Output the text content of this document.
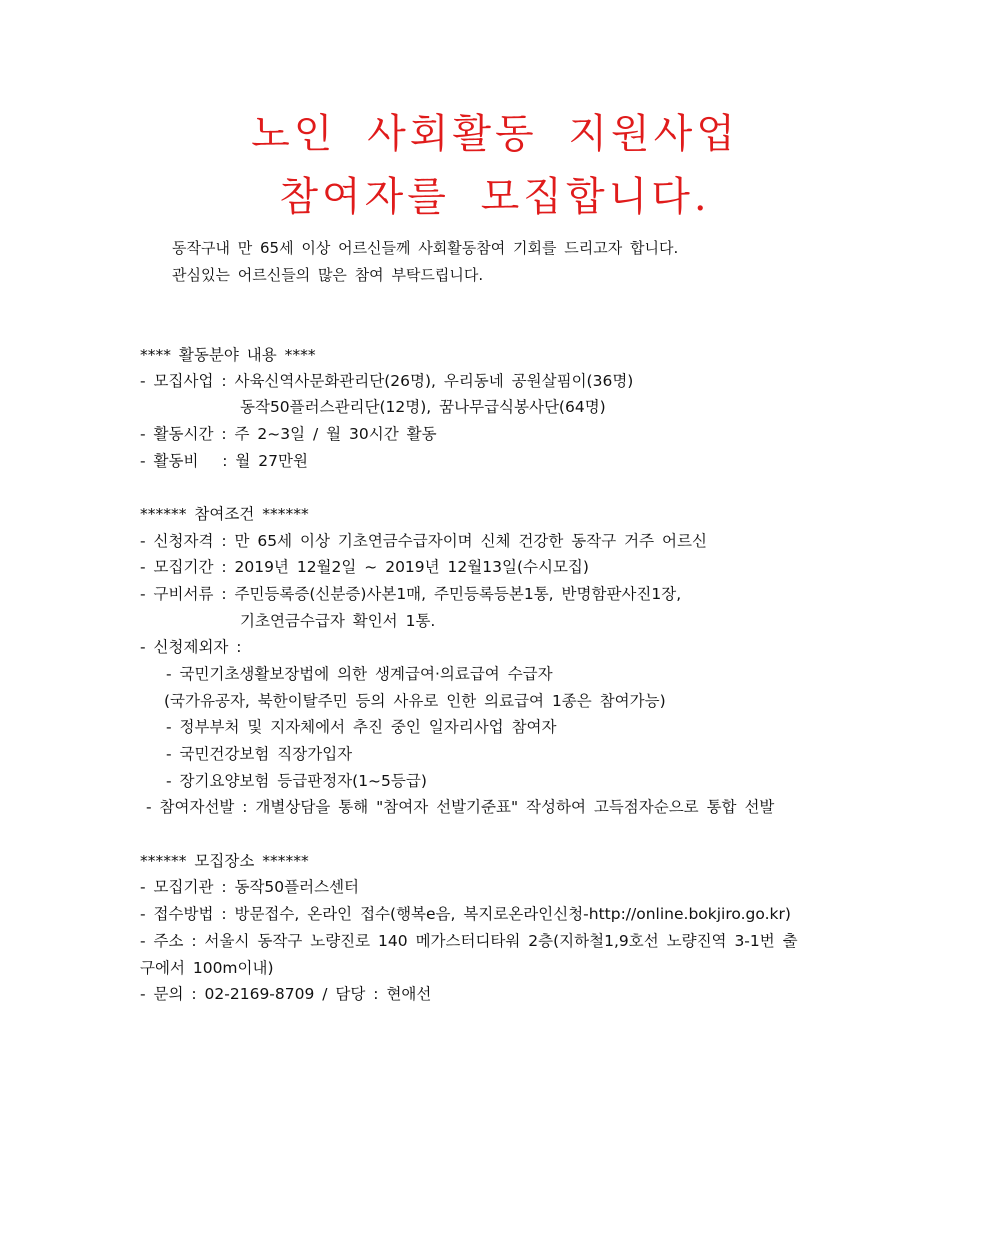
노인 사회활동 지원사업
참여자를 모집합니다.
동작구내 만 65세 이상 어르신들께 사회활동참여 기회를 드리고자 합니다.
관심있는 어르신들의 많은 참여 부탁드립니다.
**** 활동분야 내용 ****
- 모집사업 : 사육신역사문화관리단(26명), 우리동네 공원살핌이(36명)
동작50플러스관리단(12명), 꿈나무급식봉사단(64명)
- 활동시간 : 주 2~3일 / 월 30시간 활동
- 활동비   : 월 27만원
****** 참여조건 ******
- 신청자격 : 만 65세 이상 기초연금수급자이며 신체 건강한 동작구 거주 어르신
- 모집기간 : 2019년 12월2일 ~ 2019년 12월13일(수시모집)
- 구비서류 : 주민등록증(신분증)사본1매, 주민등록등본1통, 반명함판사진1장,
기초연금수급자 확인서 1통.
- 신청제외자 :
- 국민기초생활보장법에 의한 생계급여·의료급여 수급자
(국가유공자, 북한이탈주민 등의 사유로 인한 의료급여 1종은 참여가능)
- 정부부처 및 지자체에서 추진 중인 일자리사업 참여자
- 국민건강보험 직장가입자
- 장기요양보험 등급판정자(1~5등급)
- 참여자선발 : 개별상담을 통해 "참여자 선발기준표" 작성하여 고득점자순으로 통합 선발
****** 모집장소 ******
- 모집기관 : 동작50플러스센터
- 접수방법 : 방문접수, 온라인 접수(행복e음, 복지로온라인신청-http://online.bokjiro.go.kr)
- 주소 : 서울시 동작구 노량진로 140 메가스터디타워 2층(지하철1,9호선 노량진역 3-1번 출
구에서 100m이내)
- 문의 : 02-2169-8709 / 담당 : 현애선
